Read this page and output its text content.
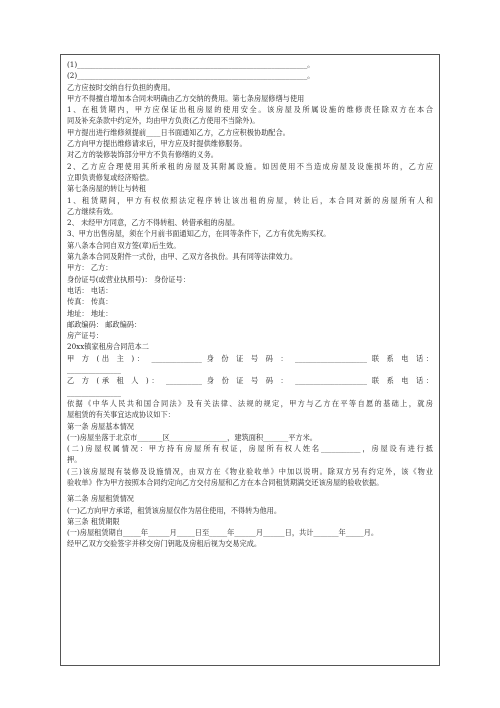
(1)________________________________________________________________。
(2)________________________________________________________________。
乙方应按时交纳自行负担的费用。
甲方不得擅自增加本合同未明确由乙方交纳的费用。第七条房屋修缮与使用
1、在租赁期内，甲方应保证出租房屋的使用安全。该房屋及所属设施的维修责任除双方在本合
同及补充条款中约定外，均由甲方负责(乙方使用不当除外)。
甲方提出进行维修须提前____日书面通知乙方，乙方应积极协助配合。
乙方向甲方提出维修请求后，甲方应及时提供维修服务。
对乙方的装修装饰部分甲方不负有修缮的义务。
2、乙方应合理使用其所承租的房屋及其附属设施。如因使用不当造成房屋及设施损坏的，乙方应
立即负责修复或经济赔偿。
第七条房屋的转让与转租
1、租赁期间，甲方有权依照法定程序转让该出租的房屋，转让后，本合同对新的房屋所有人和
乙方继续有效。
2、 未经甲方同意，乙方不得转租、转借承租的房屋。
3、甲方出售房屋，须在个月前书面通知乙方，在同等条件下，乙方有优先购买权。
第八条本合同自双方签(章)后生效。
第九条本合同及附件一式份，由甲、乙双方各执份。具有同等法律效力。
甲方： 乙方：
身份证号(或营业执照号)： 身份证号：
电话： 电话：
传真： 传真：
地址： 地址：
邮政编码： 邮政编码：
房产证号：
20xx镇家租房合同范本二
甲 方 (出 主 )： ______________ 身 份 证 号 码 ： ____________________ 联 系 电 话：
_______________
乙 方 (承 租 人 )： __________ 身 份 证 号 码 ： ____________________ 联 系 电 话：
_______________
依据《中华人民共和国合同法》及有关法律、法规的规定，甲方与乙方在平等自愿的基础上，就房
屋租赁的有关事宜达成协议如下：
第一条 房屋基本情况
(一)房屋坐落于北京市_______区________________，建筑面积_______平方米。
(二)房屋权属情况：甲方持有房屋所有权证，房屋所有权人姓名___________，房屋设有进行抵
押。
(三)该房屋现有装修及设施情况，由双方在《物业验收单》中加以说明。除双方另有约定外，该《物业
验收单》作为甲方按照本合同约定向乙方交付房屋和乙方在本合同租赁期满交还该房屋的验收依据。
第二条 房屋租赁情况
(一)乙方向甲方承诺，租赁该房屋仅作为居住使用，不得转为他用。
第三条 租赁期限
(一)房屋租赁期自_____年______月_____日至_____年______月______日，共计_______年_____月。
经甲乙双方交验签字并移交房门钥匙及房租后视为交易完成。
